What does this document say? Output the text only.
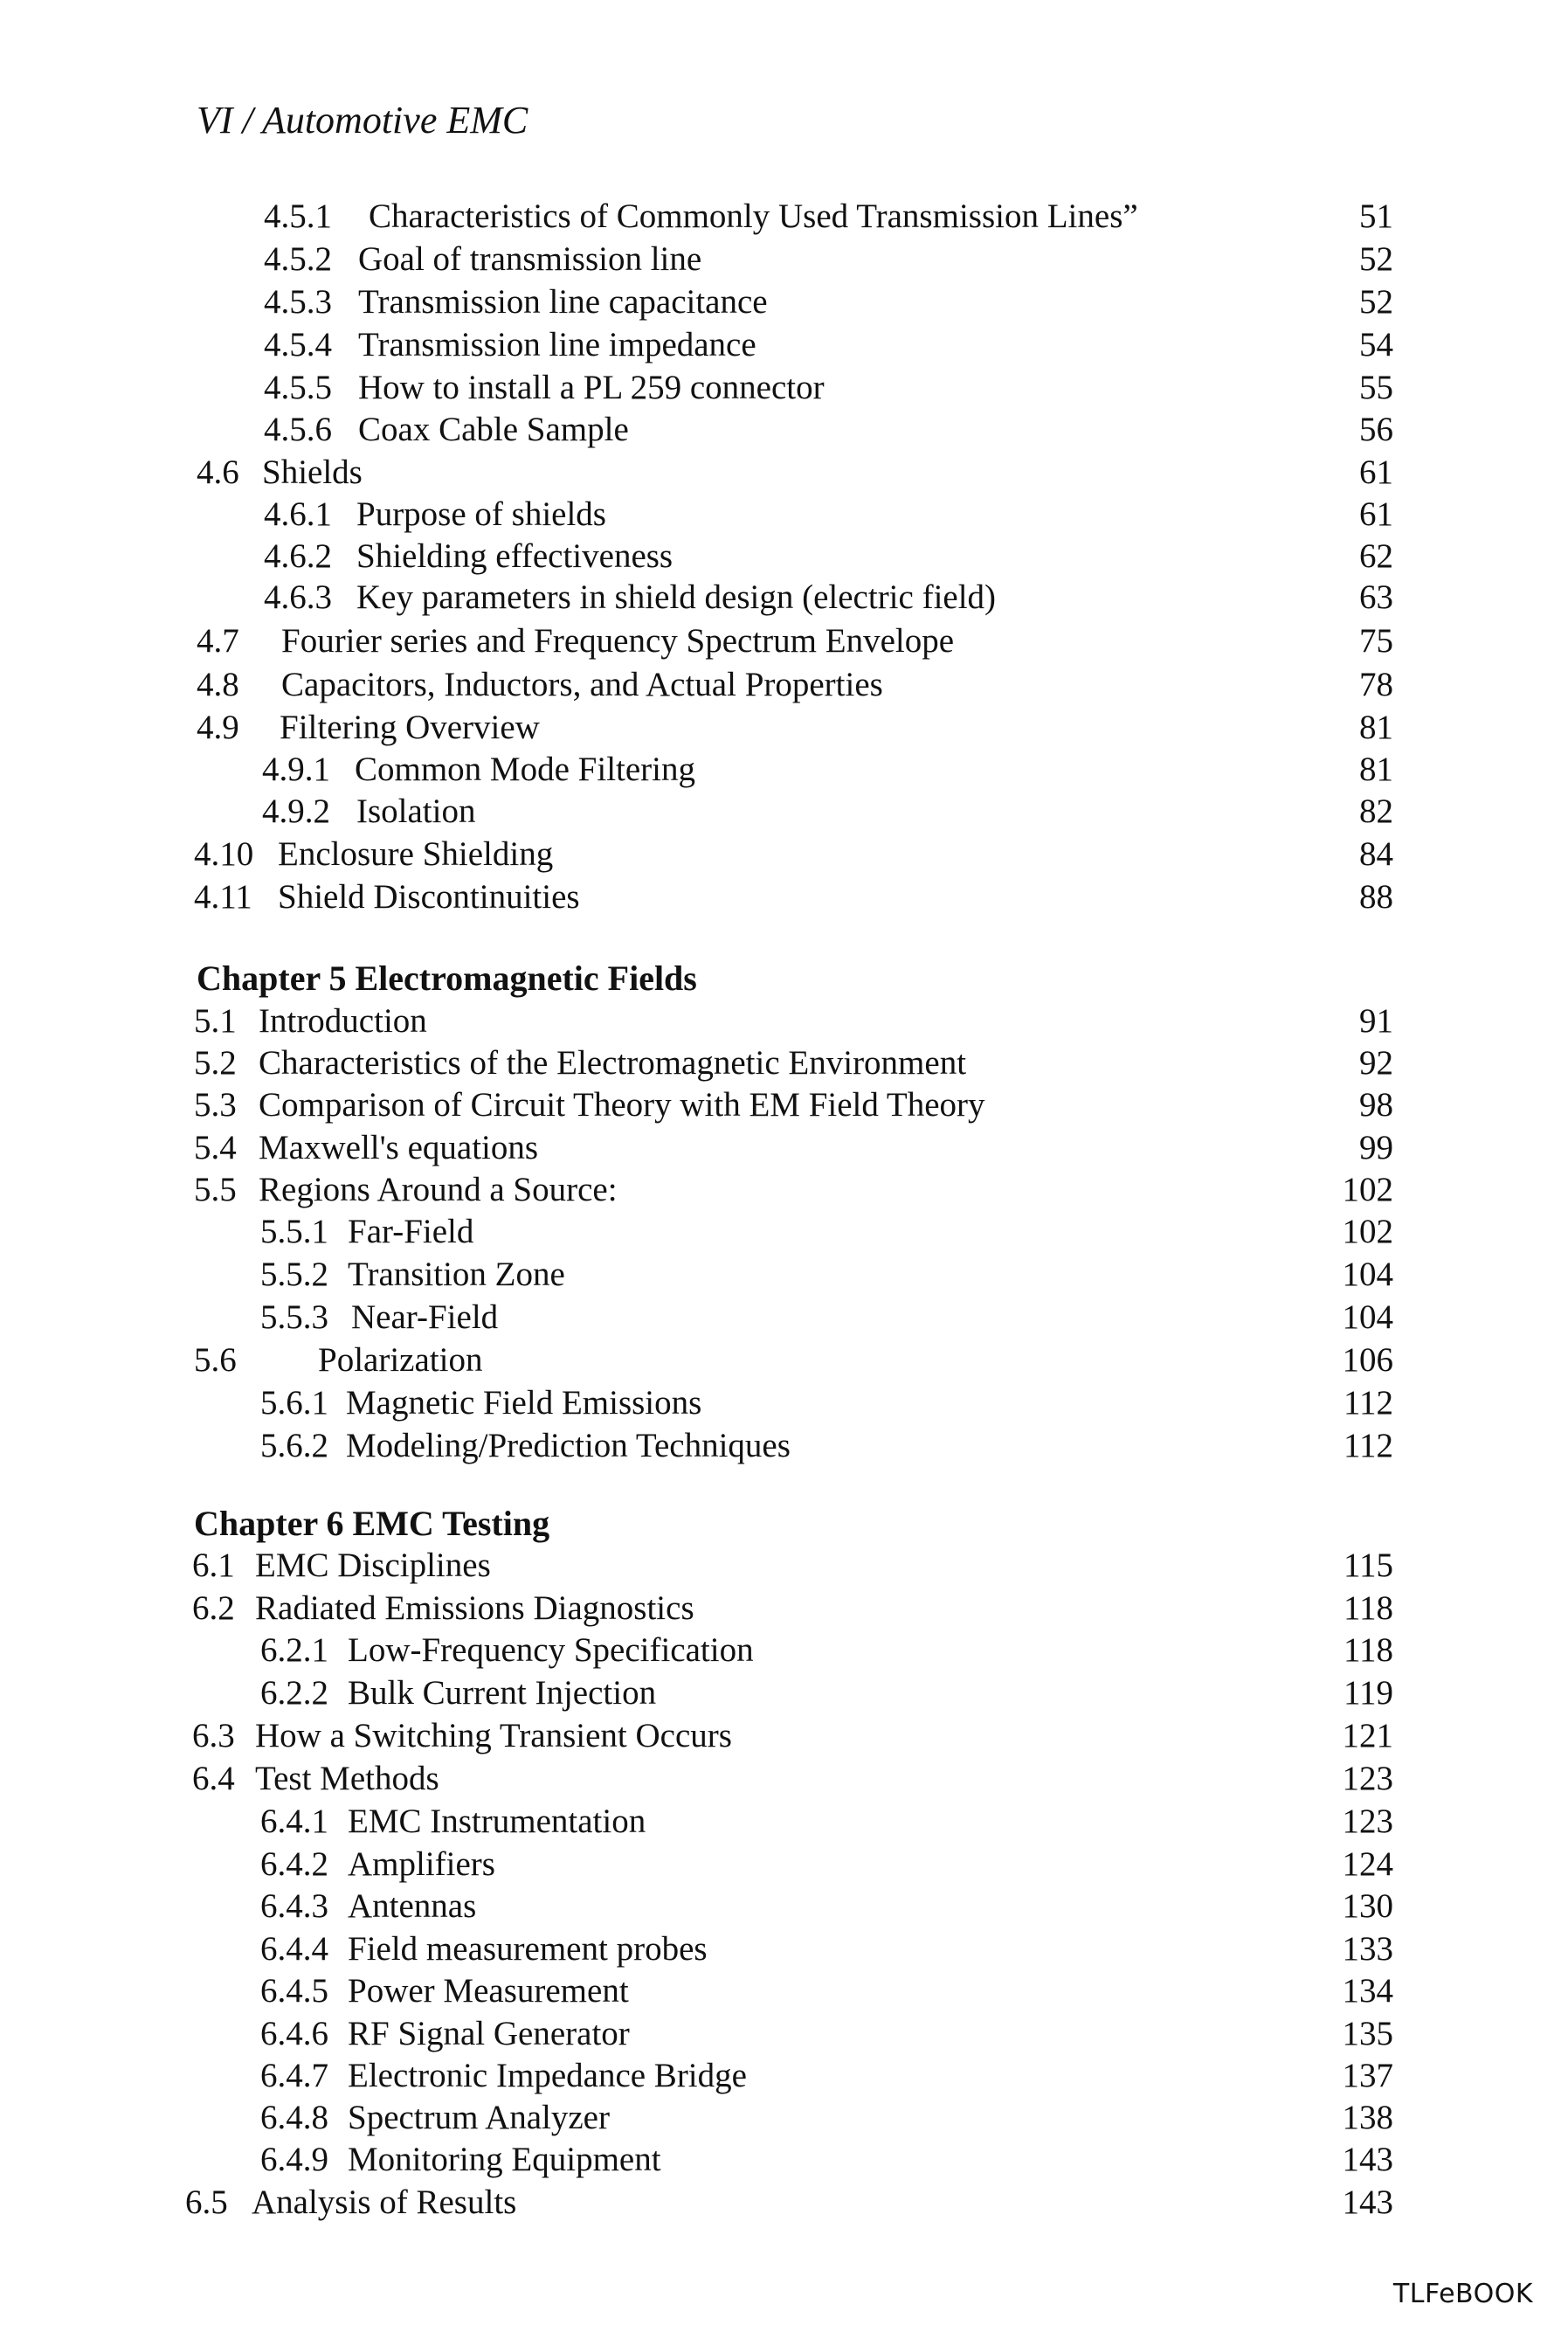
VI / Automotive EMC
Chapter 5 Electromagnetic Fields
Chapter 6 EMC Testing
4.5.1 Characteristics of Commonly Used Transmission Lines”	51
4.5.2 Goal of transmission line	52
4.5.3 Transmission line capacitance	52
4.5.4 Transmission line impedance	54
4.5.5 How to install a PL 259 connector	55
4.5.6 Coax Cable Sample	56
4.6 Shields	61
4.6.1 Purpose of shields	61
4.6.2 Shielding effectiveness	62
4.6.3 Key parameters in shield design (electric field)	63
4.7 Fourier series and Frequency Spectrum Envelope	75
4.8 Capacitors, Inductors, and Actual Properties	78
4.9 Filtering Overview	81
4.9.1 Common Mode Filtering	81
4.9.2 Isolation	82
4.10 Enclosure Shielding	84
4.11 Shield Discontinuities	88
5.1 Introduction	91
5.2 Characteristics of the Electromagnetic Environment	92
5.3 Comparison of Circuit Theory with EM Field Theory	98
5.4 Maxwell's equations	99
5.5 Regions Around a Source:	102
5.5.1 Far-Field	102
5.5.2 Transition Zone	104
5.5.3 Near-Field	104
5.6 Polarization	106
5.6.1 Magnetic Field Emissions	112
5.6.2 Modeling/Prediction Techniques	112
6.1 EMC Disciplines	115
6.2 Radiated Emissions Diagnostics	118
6.2.1 Low-Frequency Specification	118
6.2.2 Bulk Current Injection	119
6.3 How a Switching Transient Occurs	121
6.4 Test Methods	123
6.4.1 EMC Instrumentation	123
6.4.2 Amplifiers	124
6.4.3 Antennas	130
6.4.4 Field measurement probes	133
6.4.5 Power Measurement	134
6.4.6 RF Signal Generator	135
6.4.7 Electronic Impedance Bridge	137
6.4.8 Spectrum Analyzer	138
6.4.9 Monitoring Equipment	143
6.5 Analysis of Results	143
TLFeBOOK
